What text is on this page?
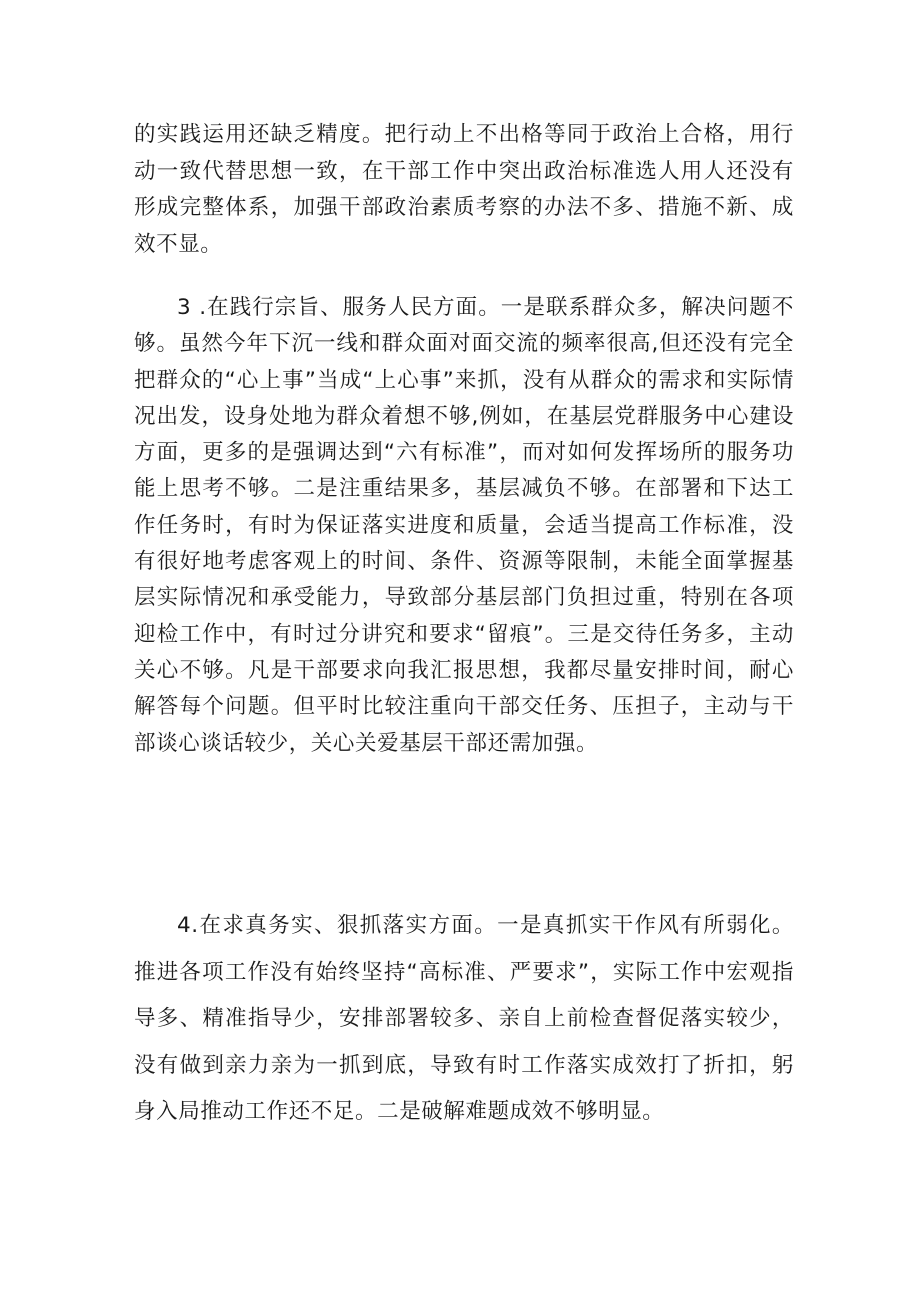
的实践运用还缺乏精度。把行动上不出格等同于政治上合格，用行动一致代替思想一致，在干部工作中突出政治标准选人用人还没有形成完整体系，加强干部政治素质考察的办法不多、措施不新、成效不显。

3 .在践行宗旨、服务人民方面。一是联系群众多，解决问题不够。虽然今年下沉一线和群众面对面交流的频率很高,但还没有完全把群众的“心上事”当成“上心事”来抓，没有从群众的需求和实际情况出发，设身处地为群众着想不够,例如，在基层党群服务中心建设方面，更多的是强调达到“六有标准”，而对如何发挥场所的服务功能上思考不够。二是注重结果多，基层减负不够。在部署和下达工作任务时，有时为保证落实进度和质量，会适当提高工作标准，没有很好地考虑客观上的时间、条件、资源等限制，未能全面掌握基层实际情况和承受能力，导致部分基层部门负担过重，特别在各项迎检工作中，有时过分讲究和要求“留痕”。三是交待任务多，主动关心不够。凡是干部要求向我汇报思想，我都尽量安排时间，耐心解答每个问题。但平时比较注重向干部交任务、压担子，主动与干部谈心谈话较少，关心关爱基层干部还需加强。

4.在求真务实、狠抓落实方面。一是真抓实干作风有所弱化。推进各项工作没有始终坚持“高标准、严要求”，实际工作中宏观指导多、精准指导少，安排部署较多、亲自上前检查督促落实较少，没有做到亲力亲为一抓到底，导致有时工作落实成效打了折扣，躬身入局推动工作还不足。二是破解难题成效不够明显。
